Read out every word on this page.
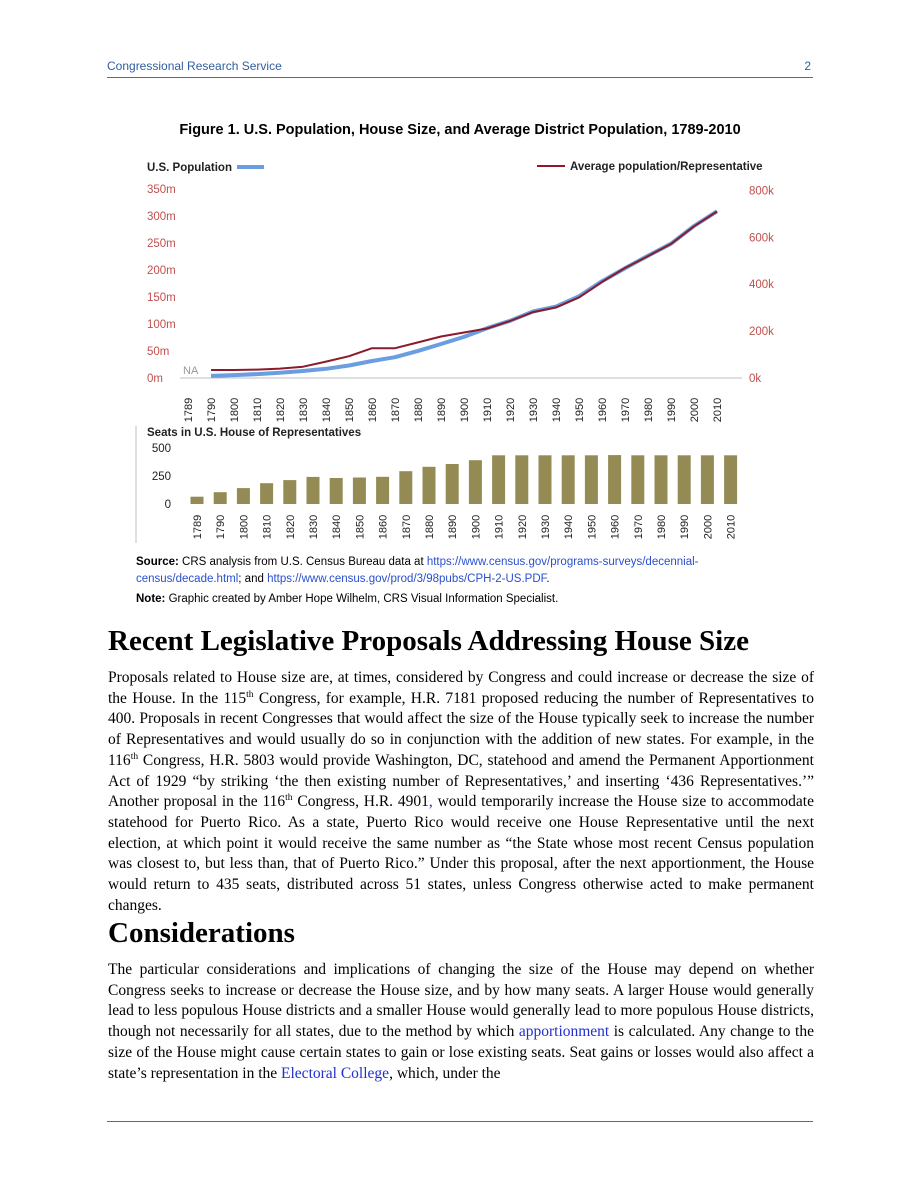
Congressional Research Service	2
Figure 1. U.S. Population, House Size, and Average District Population, 1789-2010
U.S. Population	Average population/Representative
0m
50m
100m
150m
200m
250m
300m
350m
0k
200k
400k
600k
800k
NA
1789 1790 1800 1810 1820 1830 1840 1850 1860 1870 1880 1890 1900 1910 1920 1930 1940 1950 1960 1970 1980 1990 2000 2010
Seats in U.S. House of Representatives
0
250
500
1789 1790 1800 1810 1820 1830 1840 1850 1860 1870 1880 1890 1900 1910 1920 1930 1940 1950 1960 1970 1980 1990 2000 2010

Source: CRS analysis from U.S. Census Bureau data at https://www.census.gov/programs-surveys/decennial-census/decade.html; and https://www.census.gov/prod/3/98pubs/CPH-2-US.PDF.

Note: Graphic created by Amber Hope Wilhelm, CRS Visual Information Specialist.

Recent Legislative Proposals Addressing House Size

Proposals related to House size are, at times, considered by Congress and could increase or decrease the size of the House. In the 115th Congress, for example, H.R. 7181 proposed reducing the number of Representatives to 400. Proposals in recent Congresses that would affect the size of the House typically seek to increase the number of Representatives and would usually do so in conjunction with the addition of new states. For example, in the 116th Congress, H.R. 5803 would provide Washington, DC, statehood and amend the Permanent Apportionment Act of 1929 “by striking ‘the then existing number of Representatives,’ and inserting ‘436 Representatives.’” Another proposal in the 116th Congress, H.R. 4901, would temporarily increase the House size to accommodate statehood for Puerto Rico. As a state, Puerto Rico would receive one House Representative until the next election, at which point it would receive the same number as “the State whose most recent Census population was closest to, but less than, that of Puerto Rico.” Under this proposal, after the next apportionment, the House would return to 435 seats, distributed across 51 states, unless Congress otherwise acted to make permanent changes.

Considerations

The particular considerations and implications of changing the size of the House may depend on whether Congress seeks to increase or decrease the House size, and by how many seats. A larger House would generally lead to less populous House districts and a smaller House would generally lead to more populous House districts, though not necessarily for all states, due to the method by which apportionment is calculated. Any change to the size of the House might cause certain states to gain or lose existing seats. Seat gains or losses would also affect a state’s representation in the Electoral College, which, under the
